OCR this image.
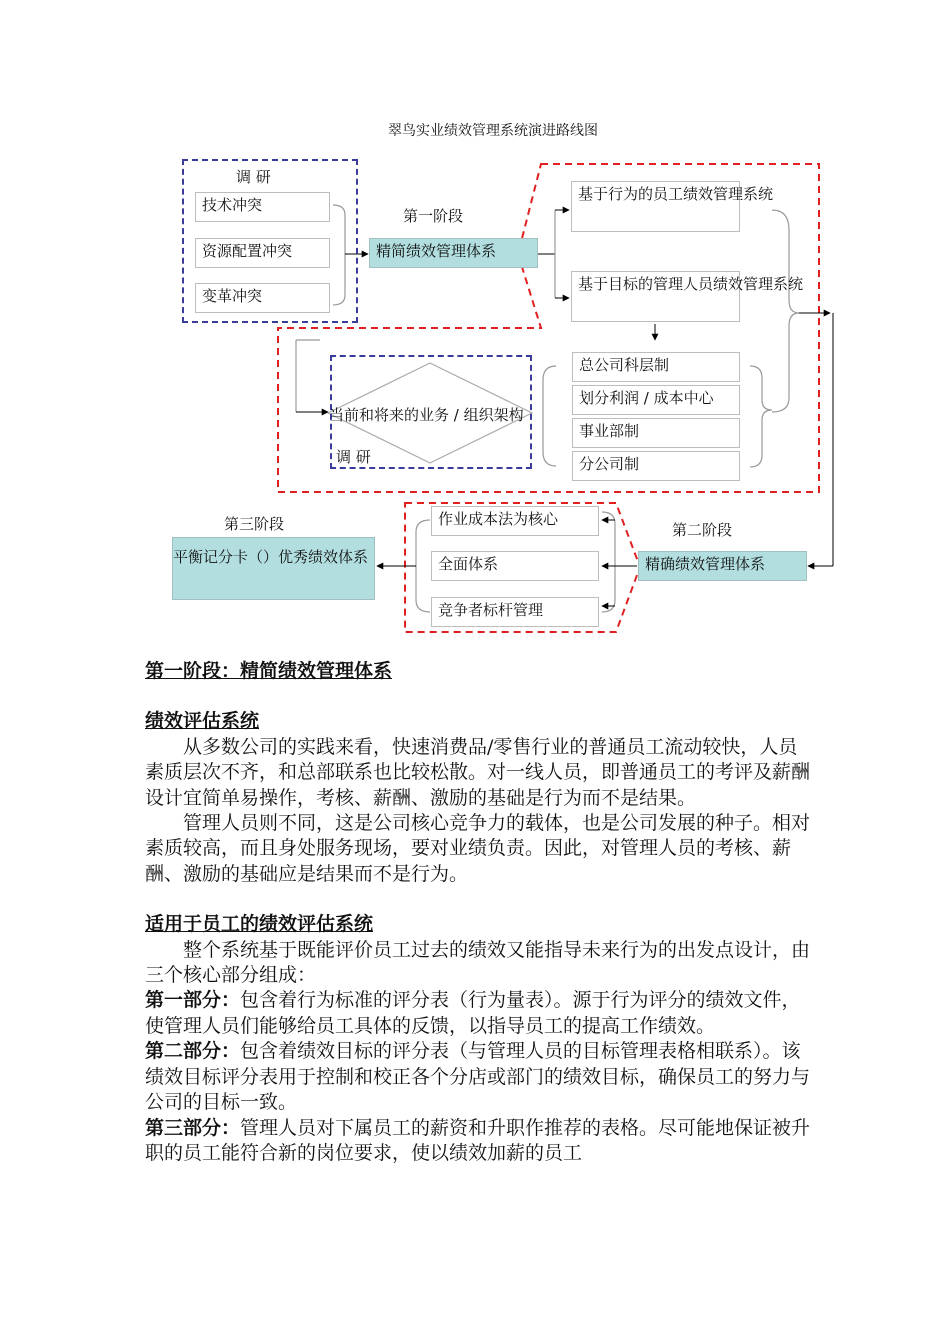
翠鸟实业绩效管理系统演进路线图
调 研
技术冲突
资源配置冲突
变革冲突
第一阶段
精简绩效管理体系
基于行为的员工绩效管理系统
基于目标的管理人员绩效管理系统
当前和将来的业务 / 组织架构
调 研
总公司科层制
划分利润 / 成本中心
事业部制
分公司制
第三阶段
平衡记分卡（）优秀绩效体系
作业成本法为核心
全面体系
竞争者标杆管理
第二阶段
精确绩效管理体系

第一阶段：精简绩效管理体系

绩效评估系统

从多数公司的实践来看，快速消费品/零售行业的普通员工流动较快，人员素质层次不齐，和总部联系也比较松散。对一线人员，即普通员工的考评及薪酬设计宜简单易操作，考核、薪酬、激励的基础是行为而不是结果。

管理人员则不同，这是公司核心竞争力的载体，也是公司发展的种子。相对素质较高，而且身处服务现场，要对业绩负责。因此，对管理人员的考核、薪酬、激励的基础应是结果而不是行为。

适用于员工的绩效评估系统

整个系统基于既能评价员工过去的绩效又能指导未来行为的出发点设计，由三个核心部分组成：

第一部分：包含着行为标准的评分表（行为量表）。源于行为评分的绩效文件，使管理人员们能够给员工具体的反馈，以指导员工的提高工作绩效。

第二部分：包含着绩效目标的评分表（与管理人员的目标管理表格相联系）。该绩效目标评分表用于控制和校正各个分店或部门的绩效目标，确保员工的努力与公司的目标一致。

第三部分：管理人员对下属员工的薪资和升职作推荐的表格。尽可能地保证被升职的员工能符合新的岗位要求，使以绩效加薪的员工
